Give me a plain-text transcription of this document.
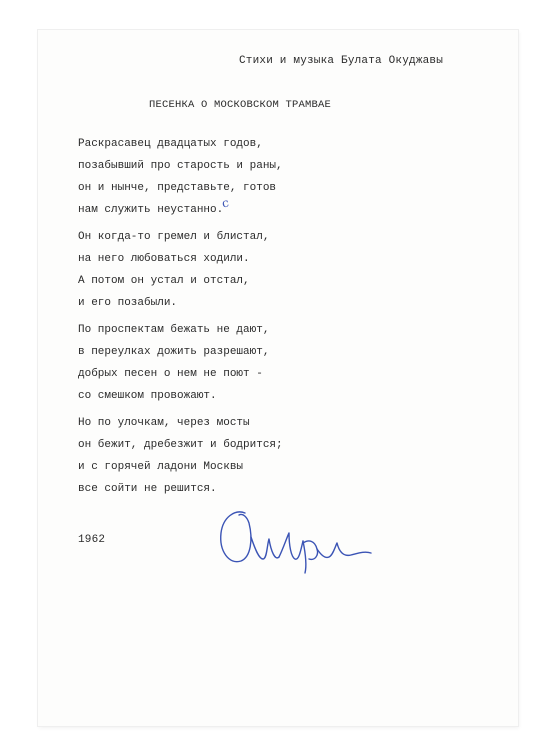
Стихи и музыка Булата Окуджавы
ПЕСЕНКА О МОСКОВСКОМ ТРАМВАЕ
Раскрасавец двадцатых годов,
позабывший про старость и раны,
он и нынче, представьте, готов
нам служить неустанно.
с
Он когда-то гремел и блистал,
на него любоваться ходили.
А потом он устал и отстал,
и его позабыли.
По проспектам бежать не дают,
в переулках дожить разрешают,
добрых песен о нем не поют -
со смешком провожают.
Но по улочкам, через мосты
он бежит, дребезжит и бодрится;
и с горячей ладони Москвы
все сойти не решится.
1962
